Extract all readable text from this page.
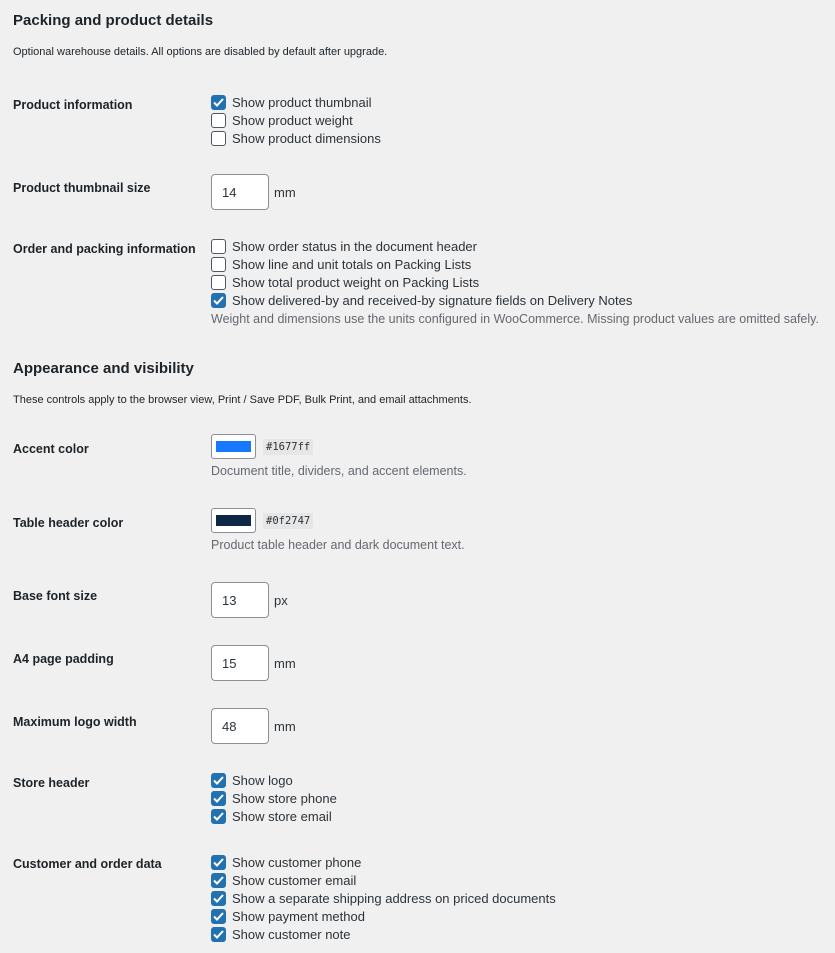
Packing and product details

Optional warehouse details. All options are disabled by default after upgrade.

Product information	Show product thumbnail
Show product weight
Show product dimensions

Product thumbnail size	14	mm

Order and packing information	Show order status in the document header
Show line and unit totals on Packing Lists
Show total product weight on Packing Lists
Show delivered-by and received-by signature fields on Delivery Notes
Weight and dimensions use the units configured in WooCommerce. Missing product values are omitted safely.
Appearance and visibility

These controls apply to the browser view, Print / Save PDF, Bulk Print, and email attachments.

Accent color	#1677ff
Document title, dividers, and accent elements.

Table header color	#0f2747
Product table header and dark document text.

Base font size	13	px

A4 page padding	15	mm

Maximum logo width	48	mm

Store header	Show logo
Show store phone
Show store email

Customer and order data	Show customer phone
Show customer email
Show a separate shipping address on priced documents
Show payment method
Show customer note
